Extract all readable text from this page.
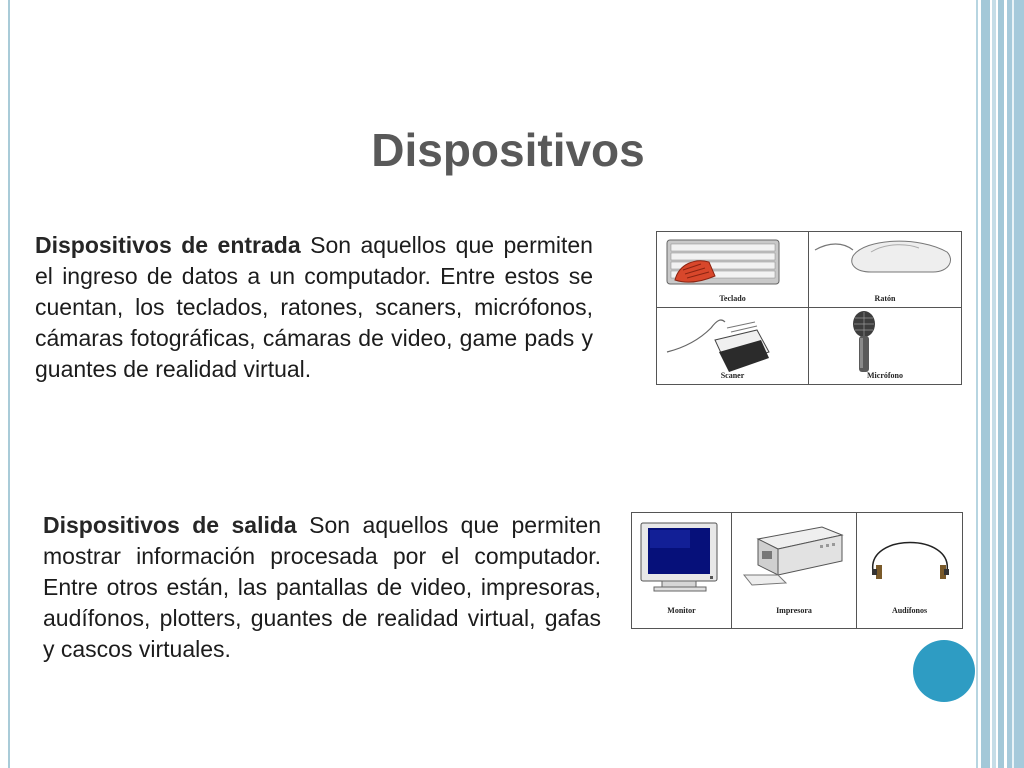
Dispositivos

Dispositivos de entrada Son aquellos que permiten el ingreso de datos a un computador. Entre estos se cuentan, los teclados, ratones, scaners, micrófonos, cámaras fotográficas, cámaras de video, game pads y guantes de realidad virtual.

Teclado	Ratón
Scaner	Micrófono

Dispositivos de salida Son aquellos que permiten mostrar información procesada por el computador. Entre otros están, las pantallas de video, impresoras, audífonos, plotters, guantes de realidad virtual, gafas y cascos virtuales.

Monitor	Impresora	Audífonos
